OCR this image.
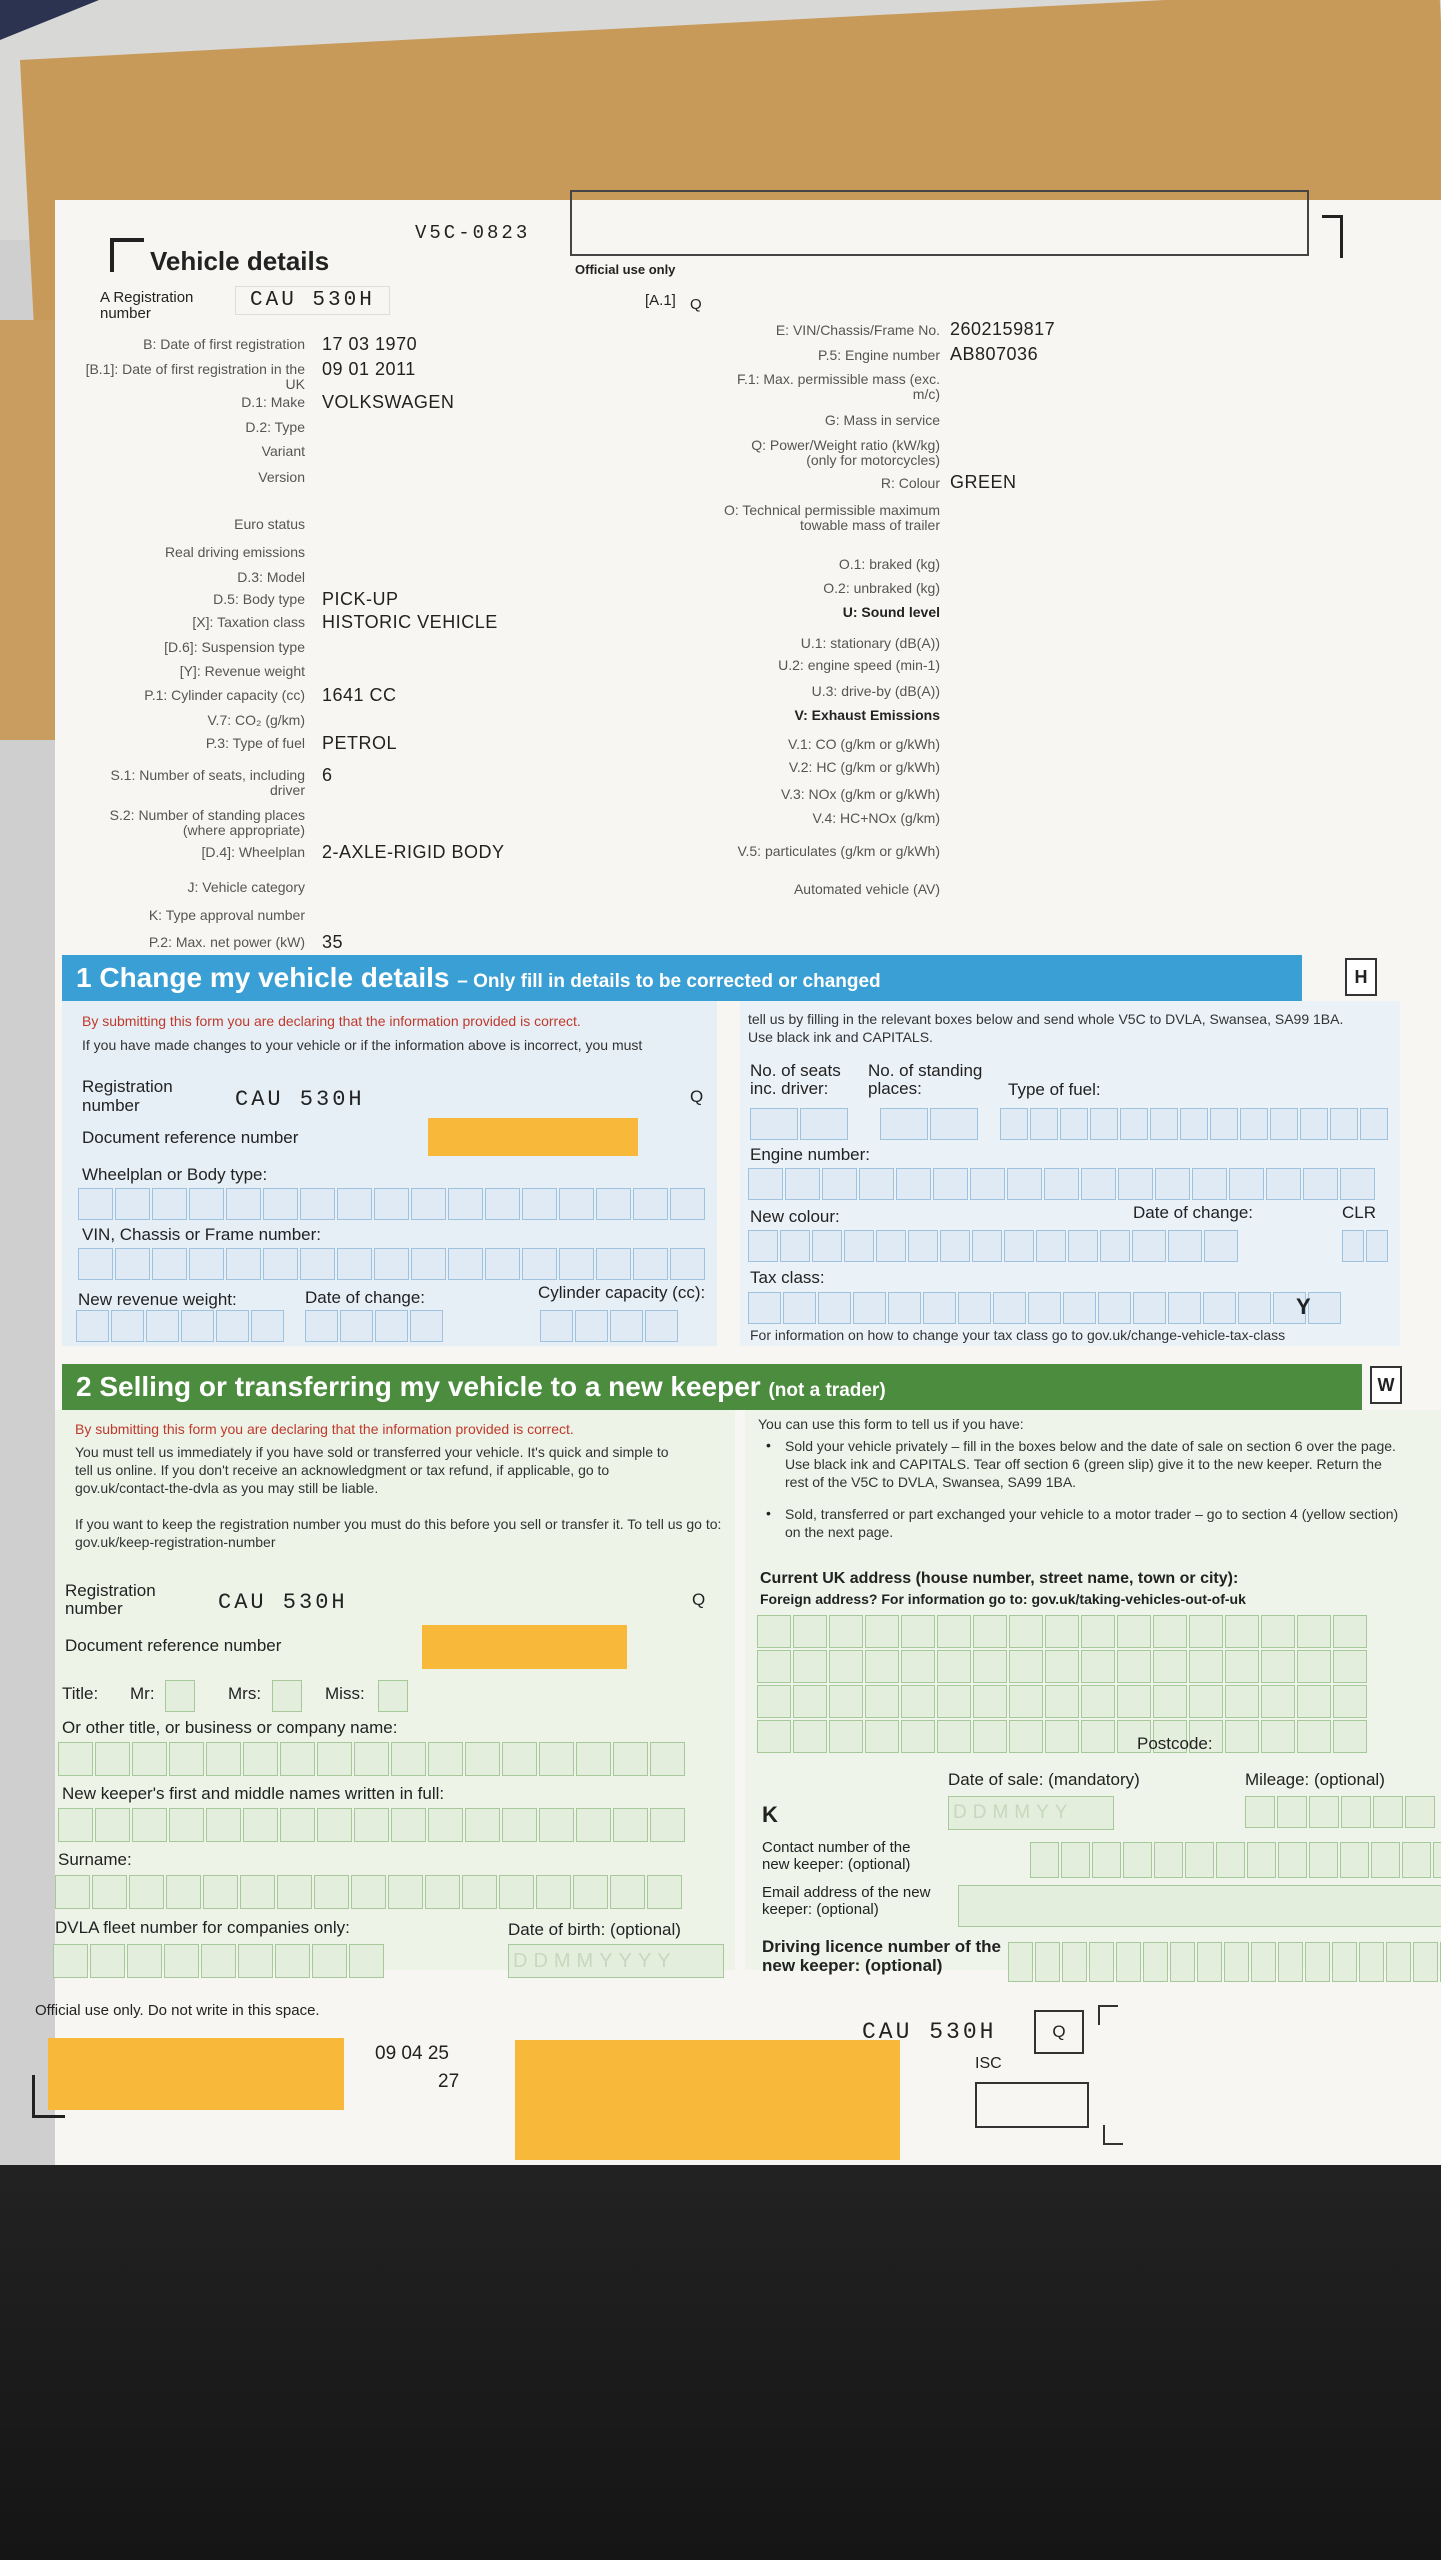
V5C-0823
Vehicle details	Official use only
[A.1] Q
A Registration number
CAU 530H
B: Date of first registration 17 03 1970
[B.1]: Date of first registration in the UK
09 01 2011
D.1: Make VOLKSWAGEN
D.2: Type
Variant
Version
Euro status
Real driving emissions
D.3: Model
D.5: Body type PICK-UP
[X]: Taxation class HISTORIC VEHICLE
[D.6]: Suspension type
[Y]: Revenue weight
P.1: Cylinder capacity (cc) 1641 CC
V.7: CO₂ (g/km)
P.3: Type of fuel PETROL
S.1: Number of seats, including driver
6
S.2: Number of standing places (where appropriate)
[D.4]: Wheelplan 2-AXLE-RIGID BODY
J: Vehicle category
K: Type approval number
P.2: Max. net power (kW) 35
E: VIN/Chassis/Frame No. 2602159817
P.5: Engine number AB807036
F.1: Max. permissible mass (exc. m/c)
G: Mass in service
Q: Power/Weight ratio (kW/kg) (only for motorcycles)
R: Colour GREEN
O: Technical permissible maximum towable mass of trailer
O.1: braked (kg)
O.2: unbraked (kg)
U: Sound level
U.1: stationary (dB(A))
U.2: engine speed (min-1)
U.3: drive-by (dB(A))
V: Exhaust Emissions
V.1: CO (g/km or g/kWh)
V.2: HC (g/km or g/kWh)
V.3: NOx (g/km or g/kWh)
V.4: HC+NOx (g/km)
V.5: particulates (g/km or g/kWh)
Automated vehicle (AV)
1 Change my vehicle details – Only fill in details to be corrected or changed	H
By submitting this form you are declaring that the information provided is correct.
If you have made changes to your vehicle or if the information above is incorrect, you must
tell us by filling in the relevant boxes below and send whole V5C to DVLA, Swansea, SA99 1BA. Use black ink and CAPITALS.
Registration number	CAU 530H	Q
Document reference number
Wheelplan or Body type:
VIN, Chassis or Frame number:
New revenue weight:	Date of change:	Cylinder capacity (cc):
No. of seats inc. driver:
No. of standing places:	Type of fuel:
Engine number:
New colour:	Date of change:	CLR
Tax class:
Y
For information on how to change your tax class go to gov.uk/change-vehicle-tax-class
2 Selling or transferring my vehicle to a new keeper (not a trader)	W
By submitting this form you are declaring that the information provided is correct.
You must tell us immediately if you have sold or transferred your vehicle. It's quick and simple to tell us online. If you don't receive an acknowledgment or tax refund, if applicable, go to gov.uk/contact-the-dvla as you may still be liable.
If you want to keep the registration number you must do this before you sell or transfer it. To tell us go to: gov.uk/keep-registration-number
You can use this form to tell us if you have:
Sold your vehicle privately – fill in the boxes below and the date of sale on section 6 over the page. Use black ink and CAPITALS. Tear off section 6 (green slip) give it to the new keeper. Return the rest of the V5C to DVLA, Swansea, SA99 1BA.
Sold, transferred or part exchanged your vehicle to a motor trader – go to section 4 (yellow section) on the next page.
•
•
Registration number	CAU 530H	Q
Document reference number
Title: Mr:	Mrs:	Miss:
Or other title, or business or company name:
New keeper's first and middle names written in full:
Surname:
DVLA fleet number for companies only:	Date of birth: (optional)
DDMMYYYY
Current UK address (house number, street name, town or city):
Foreign address? For information go to: gov.uk/taking-vehicles-out-of-uk
Postcode:
Date of sale: (mandatory)	Mileage: (optional)
K	DDMMYY
Contact number of the new keeper: (optional)
Email address of the new keeper: (optional)
Driving licence number of the new keeper: (optional)
Official use only. Do not write in this space.
09 04 25
27
CAU 530H	Q
ISC
